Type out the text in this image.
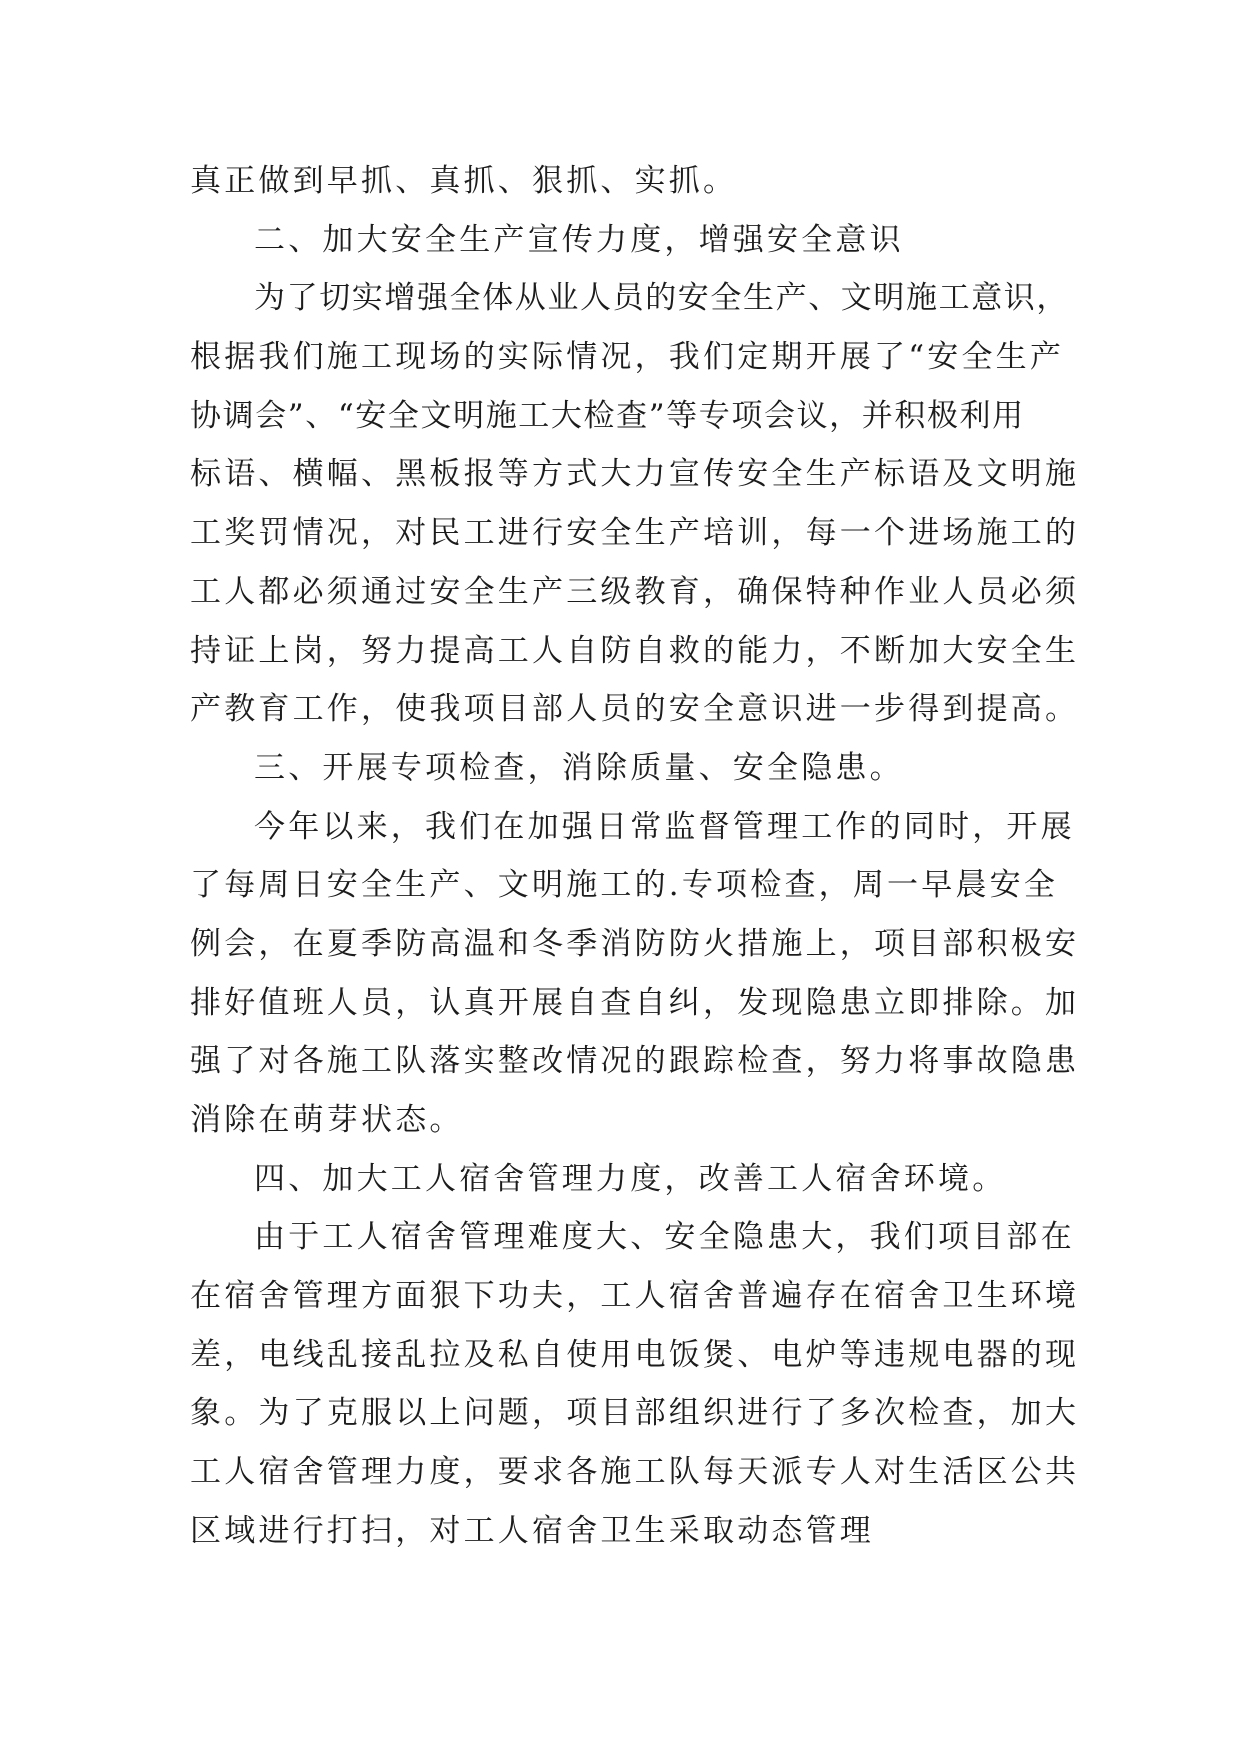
真正做到早抓、真抓、狠抓、实抓。
二、加大安全生产宣传力度，增强安全意识
为了切实增强全体从业人员的安全生产、文明施工意识，
根据我们施工现场的实际情况，我们定期开展了“安全生产
协调会”、“安全文明施工大检查”等专项会议，并积极利用
标语、横幅、黑板报等方式大力宣传安全生产标语及文明施
工奖罚情况，对民工进行安全生产培训，每一个进场施工的
工人都必须通过安全生产三级教育，确保特种作业人员必须
持证上岗，努力提高工人自防自救的能力，不断加大安全生
产教育工作，使我项目部人员的安全意识进一步得到提高。
三、开展专项检查，消除质量、安全隐患。
今年以来，我们在加强日常监督管理工作的同时，开展
了每周日安全生产、文明施工的.专项检查，周一早晨安全
例会，在夏季防高温和冬季消防防火措施上，项目部积极安
排好值班人员，认真开展自查自纠，发现隐患立即排除。加
强了对各施工队落实整改情况的跟踪检查，努力将事故隐患
消除在萌芽状态。
四、加大工人宿舍管理力度，改善工人宿舍环境。
由于工人宿舍管理难度大、安全隐患大，我们项目部在
在宿舍管理方面狠下功夫，工人宿舍普遍存在宿舍卫生环境
差，电线乱接乱拉及私自使用电饭煲、电炉等违规电器的现
象。为了克服以上问题，项目部组织进行了多次检查，加大
工人宿舍管理力度，要求各施工队每天派专人对生活区公共
区域进行打扫，对工人宿舍卫生采取动态管理
